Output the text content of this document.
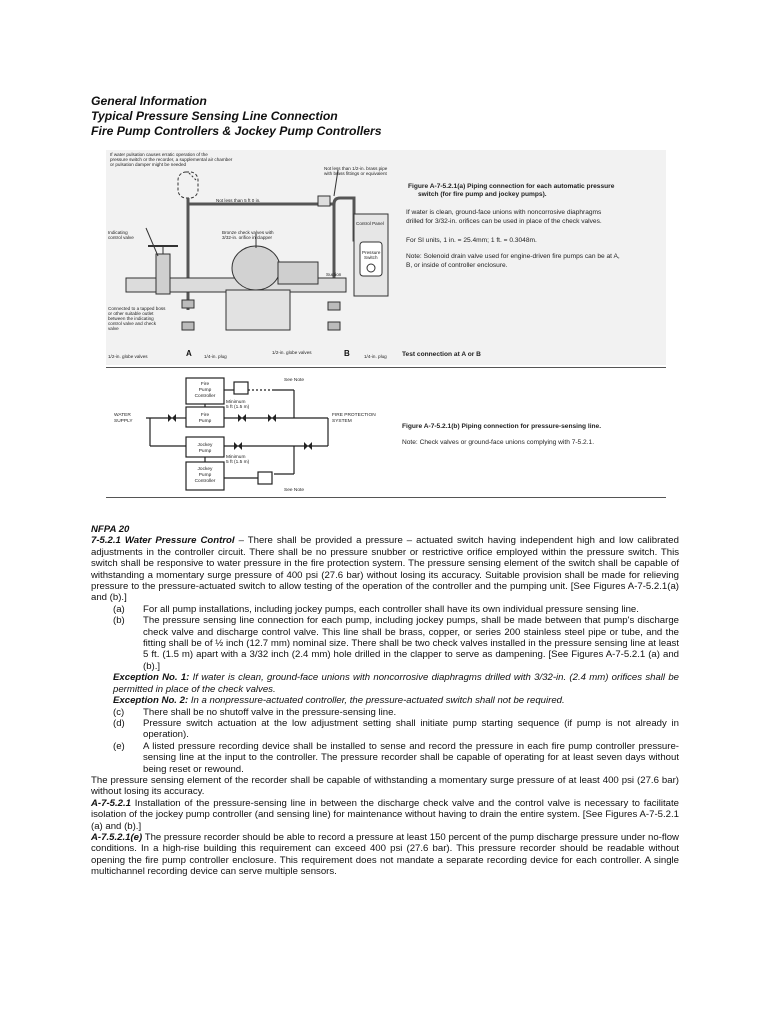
General Information
Typical Pressure Sensing Line Connection
Fire Pump Controllers & Jockey Pump Controllers
If water pulsation causes erratic operation of the
pressure switch or the recorder, a supplemental air chamber
or pulsation damper might be needed
Not less than 1/2-in. brass pipe
with brass fittings or equivalent
Not less than 5 ft 0 in.
Indicating
control valve
Bronze check valves with
3/32-in. orifice in clapper
Control Panel
Pressure
Switch
Suction
Connected to a tapped boss
or other suitable outlet
between the indicating
control valve and check
valve
1/2-in. globe valves	1/4-in. plug
1/2-in. globe valves
1/4-in. plug
A	B
Figure A-7-5.2.1(a) Piping connection for each automatic pressure
switch (for fire pump and jockey pumps).
If water is clean, ground-face unions with noncorrosive diaphragms
drilled for 3/32-in. orifices can be used in place of the check valves.
For SI units, 1 in. = 25.4mm; 1 ft. = 0.3048m.
Note: Solenoid drain valve used for engine-driven fire pumps can be at A,
B, or inside of controller enclosure.
Test connection at A or B
Fire
Pump
Controller
Fire
Pump
Jockey
Pump
Jockey
Pump
Controller
WATER
SUPPLY
FIRE PROTECTION
SYSTEM
See Note
See Note
Minimum
5 ft (1.5 m)
Minimum
5 ft (1.5 m)
Figure A-7-5.2.1(b) Piping connection for pressure-sensing line.
Note: Check valves or ground-face unions complying with 7-5.2.1.

NFPA 20

7-5.2.1 Water Pressure Control – There shall be provided a pressure – actuated switch having independent high and low calibrated adjustments in the controller circuit. There shall be no pressure snubber or restrictive orifice employed within the pressure switch. This switch shall be responsive to water pressure in the fire protection system. The pressure sensing element of the switch shall be capable of withstanding a momentary surge pressure of 400 psi (27.6 bar) without losing its accuracy. Suitable provision shall be made for relieving pressure to the pressure-actuated switch to allow testing of the operation of the controller and the pumping unit. [See Figures A-7-5.2.1(a) and (b).]

(a)	For all pump installations, including jockey pumps, each controller shall have its own individual pressure sensing line.
(b)	The pressure sensing line connection for each pump, including jockey pumps, shall be made between that pump's discharge check valve and discharge control valve. This line shall be brass, copper, or series 200 stainless steel pipe or tube, and the fitting shall be of ½ inch (12.7 mm) nominal size. There shall be two check valves installed in the pressure sensing line at least 5 ft. (1.5 m) apart with a 3/32 inch (2.4 mm) hole drilled in the clapper to serve as dampening. [See Figures A-7-5.2.1 (a) and (b).]

Exception No. 1: If water is clean, ground-face unions with noncorrosive diaphragms drilled with 3/32-in. (2.4 mm) orifices shall be permitted in place of the check valves.

Exception No. 2: In a nonpressure-actuated controller, the pressure-actuated switch shall not be required.

(c)	There shall be no shutoff valve in the pressure-sensing line.
(d)	Pressure switch actuation at the low adjustment setting shall initiate pump starting sequence (if pump is not already in operation).
(e)	A listed pressure recording device shall be installed to sense and record the pressure in each fire pump controller pressure-sensing line at the input to the controller. The pressure recorder shall be capable of operating for at least seven days without being reset or rewound.

The pressure sensing element of the recorder shall be capable of withstanding a momentary surge pressure of at least 400 psi (27.6 bar) without losing its accuracy.

A-7-5.2.1 Installation of the pressure-sensing line in between the discharge check valve and the control valve is necessary to facilitate isolation of the jockey pump controller (and sensing line) for maintenance without having to drain the entire system. [See Figures A-7-5.2.1 (a) and (b).]

A-7.5.2.1(e) The pressure recorder should be able to record a pressure at least 150 percent of the pump discharge pressure under no-flow conditions. In a high-rise building this requirement can exceed 400 psi (27.6 bar). This pressure recorder should be readable without opening the fire pump controller enclosure. This requirement does not mandate a separate recording device for each controller. A single multichannel recording device can serve multiple sensors.
